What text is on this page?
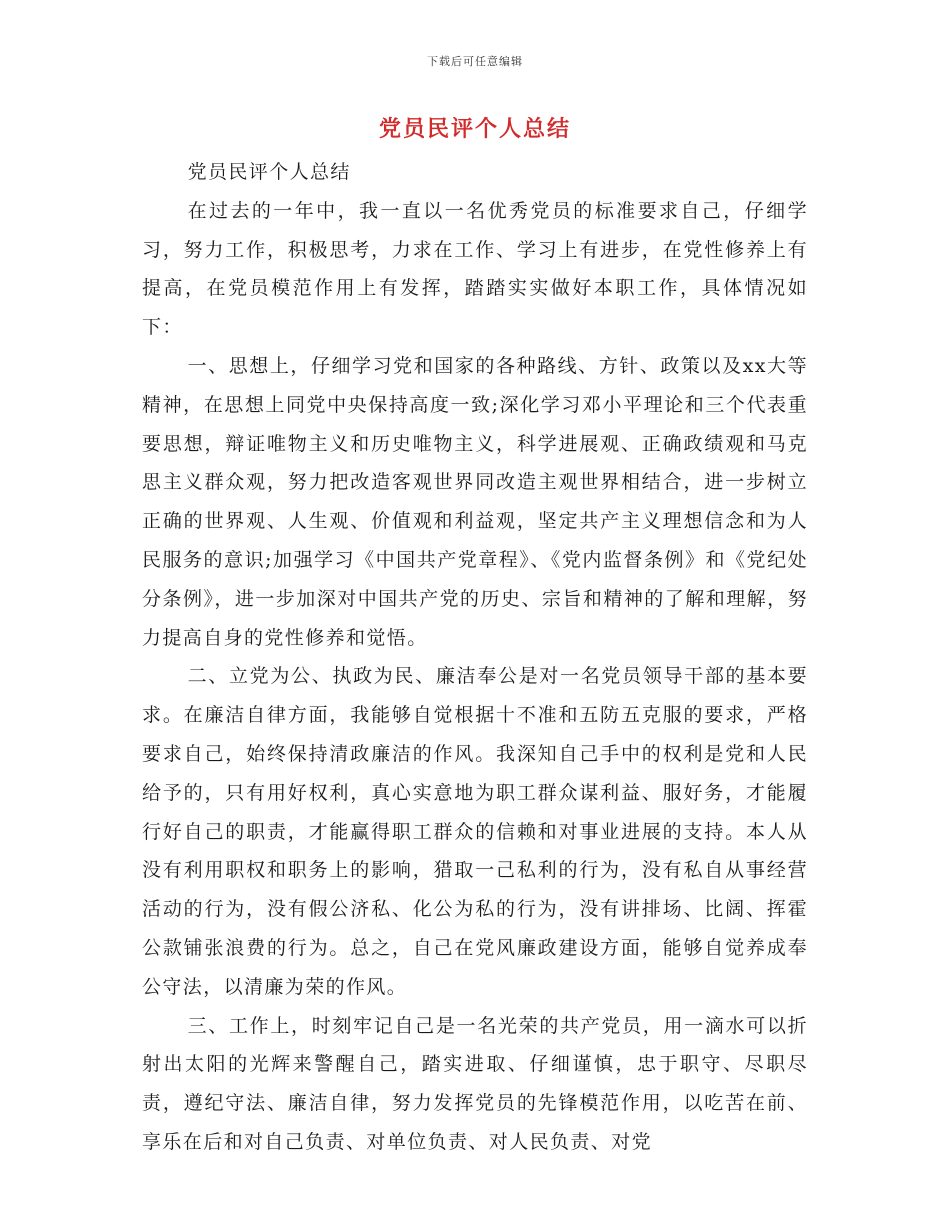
下载后可任意编辑
党员民评个人总结

党员民评个人总结

在过去的一年中，我一直以一名优秀党员的标准要求自己，仔细学习，努力工作，积极思考，力求在工作、学习上有进步，在党性修养上有提高，在党员模范作用上有发挥，踏踏实实做好本职工作，具体情况如下：

一、思想上，仔细学习党和国家的各种路线、方针、政策以及xx大等精神，在思想上同党中央保持高度一致;深化学习邓小平理论和三个代表重要思想，辩证唯物主义和历史唯物主义，科学进展观、正确政绩观和马克思主义群众观，努力把改造客观世界同改造主观世界相结合，进一步树立正确的世界观、人生观、价值观和利益观，坚定共产主义理想信念和为人民服务的意识;加强学习《中国共产党章程》、《党内监督条例》和《党纪处分条例》，进一步加深对中国共产党的历史、宗旨和精神的了解和理解，努力提高自身的党性修养和觉悟。

二、立党为公、执政为民、廉洁奉公是对一名党员领导干部的基本要求。在廉洁自律方面，我能够自觉根据十不准和五防五克服的要求，严格要求自己，始终保持清政廉洁的作风。我深知自己手中的权利是党和人民给予的，只有用好权利，真心实意地为职工群众谋利益、服好务，才能履行好自己的职责，才能赢得职工群众的信赖和对事业进展的支持。本人从没有利用职权和职务上的影响，猎取一己私利的行为，没有私自从事经营活动的行为，没有假公济私、化公为私的行为，没有讲排场、比阔、挥霍公款铺张浪费的行为。总之，自己在党风廉政建设方面，能够自觉养成奉公守法，以清廉为荣的作风。

三、工作上，时刻牢记自己是一名光荣的共产党员，用一滴水可以折射出太阳的光辉来警醒自己，踏实进取、仔细谨慎，忠于职守、尽职尽责，遵纪守法、廉洁自律，努力发挥党员的先锋模范作用，以吃苦在前、享乐在后和对自己负责、对单位负责、对人民负责、对党
